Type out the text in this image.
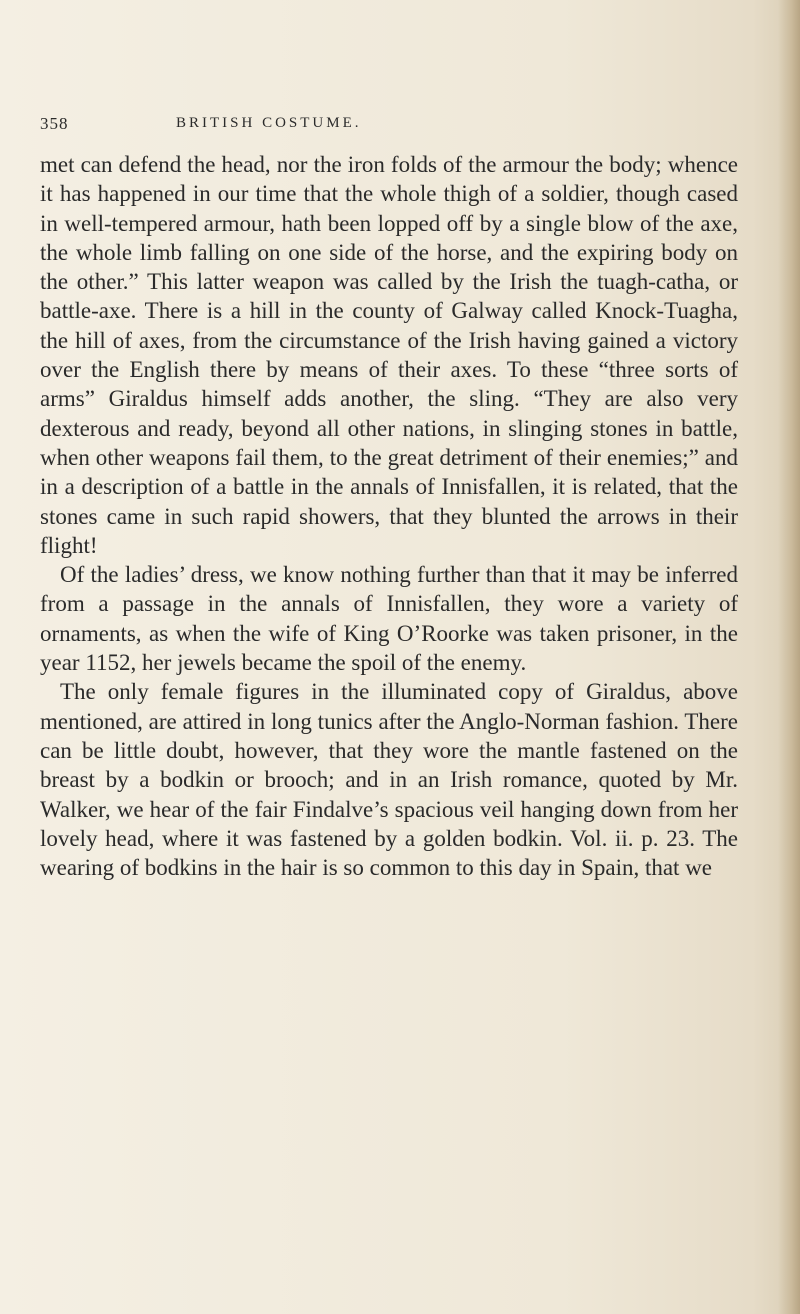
358	BRITISH COSTUME.

met can defend the head, nor the iron folds of the armour the body; whence it has happened in our time that the whole thigh of a soldier, though cased in well-tempered armour, hath been lopped off by a single blow of the axe, the whole limb falling on one side of the horse, and the expiring body on the other.” This latter weapon was called by the Irish the tuagh-catha, or battle-axe. There is a hill in the county of Galway called Knock-Tuagha, the hill of axes, from the circumstance of the Irish having gained a victory over the English there by means of their axes. To these “three sorts of arms” Giraldus himself adds another, the sling. “They are also very dexterous and ready, beyond all other nations, in slinging stones in battle, when other weapons fail them, to the great detriment of their enemies;” and in a description of a battle in the annals of Innisfallen, it is related, that the stones came in such rapid showers, that they blunted the arrows in their flight!

Of the ladies’ dress, we know nothing further than that it may be inferred from a passage in the annals of Innisfallen, they wore a variety of ornaments, as when the wife of King O’Roorke was taken prisoner, in the year 1152, her jewels became the spoil of the enemy.

The only female figures in the illuminated copy of Giraldus, above mentioned, are attired in long tunics after the Anglo-Norman fashion. There can be little doubt, however, that they wore the mantle fastened on the breast by a bodkin or brooch; and in an Irish romance, quoted by Mr. Walker, we hear of the fair Findalve’s spacious veil hanging down from her lovely head, where it was fastened by a golden bodkin. Vol. ii. p. 23. The wearing of bodkins in the hair is so common to this day in Spain, that we
